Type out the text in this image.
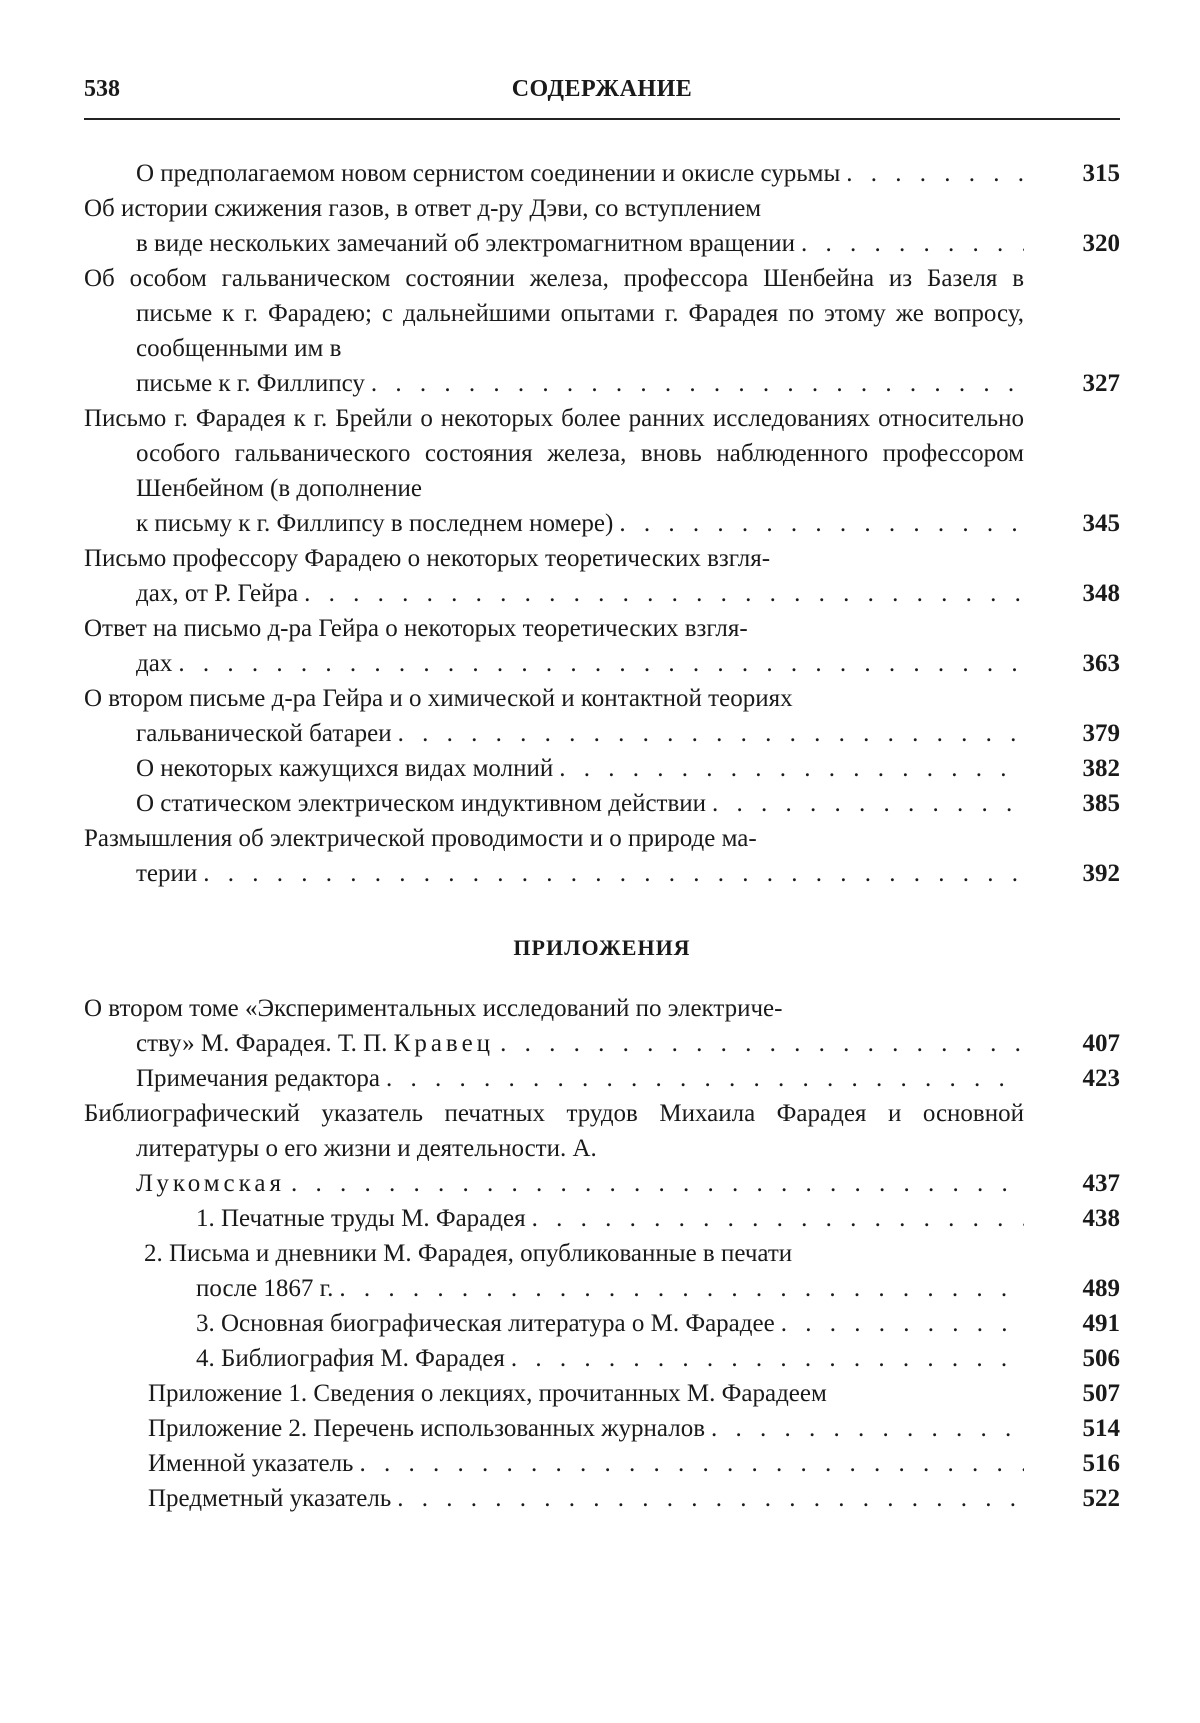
538	СОДЕРЖАНИЕ
О предполагаемом новом сернистом соединении и окисле сурьмы . . .	315
Об истории сжижения газов, в ответ д-ру Дэви, со вступлением
в виде нескольких замечаний об электромагнитном вращении . . .	320
Об особом гальваническом состоянии железа, профессора Шенбейна из Базеля в письме к г. Фарадею; с дальнейшими опытами г. Фарадея по этому же вопросу, сообщенными им в
письме к г. Филлипсу . . .	327
Письмо г. Фарадея к г. Брейли о некоторых более ранних исследованиях относительно особого гальванического состояния железа, вновь наблюденного профессором Шенбейном (в дополнение
к письму к г. Филлипсу в последнем номере) . . .	345
Письмо профессору Фарадею о некоторых теоретических взгля-
дах, от Р. Гейра . . .	348
Ответ на письмо д-ра Гейра о некоторых теоретических взгля-
дах . . .	363
О втором письме д-ра Гейра и о химической и контактной теориях
гальванической батареи . . .	379
О некоторых кажущихся видах молний . . .	382
О статическом электрическом индуктивном действии . . .	385
Размышления об электрической проводимости и о природе ма-
терии . . .	392
ПРИЛОЖЕНИЯ
О втором томе «Экспериментальных исследований по электриче-
ству» М. Фарадея. Т. П. Кравец . . .	407
Примечания редактора . . .	423
Библиографический указатель печатных трудов Михаила Фарадея и основной литературы о его жизни и деятельности. А.
Лукомская . . .	437
1. Печатные труды М. Фарадея . . .	438
2. Письма и дневники М. Фарадея, опубликованные в печати
после 1867 г. . . .	489
3. Основная биографическая литература о М. Фарадее . . .	491
4. Библиография М. Фарадея . . .	506
Приложение 1. Сведения о лекциях, прочитанных М. Фарадеем	507
Приложение 2. Перечень использованных журналов . . .	514
Именной указатель . . .	516
Предметный указатель . . .	522
